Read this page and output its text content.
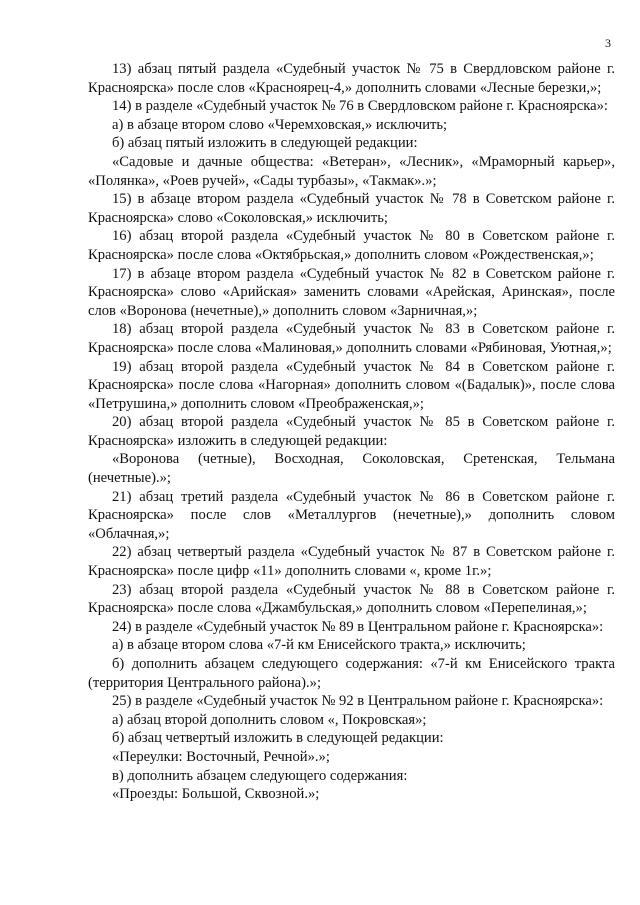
3

13) абзац пятый раздела «Судебный участок № 75 в Свердловском районе г. Красноярска» после слов «Красноярец-4,» дополнить словами «Лесные березки,»;

14) в разделе «Судебный участок № 76 в Свердловском районе г. Красноярска»:

а) в абзаце втором слово «Черемховская,» исключить;

б) абзац пятый изложить в следующей редакции:

«Садовые и дачные общества: «Ветеран», «Лесник», «Мраморный карьер», «Полянка», «Роев ручей», «Сады турбазы», «Такмак».»;

15) в абзаце втором раздела «Судебный участок № 78 в Советском районе г. Красноярска» слово «Соколовская,» исключить;

16) абзац второй раздела «Судебный участок № 80 в Советском районе г. Красноярска» после слова «Октябрьская,» дополнить словом «Рождественская,»;

17) в абзаце втором раздела «Судебный участок № 82 в Советском районе г. Красноярска» слово «Арийская» заменить словами «Арейская, Аринская», после слов «Воронова (нечетные),» дополнить словом «Зарничная,»;

18) абзац второй раздела «Судебный участок № 83 в Советском районе г. Красноярска» после слова «Малиновая,» дополнить словами «Рябиновая, Уютная,»;

19) абзац второй раздела «Судебный участок № 84 в Советском районе г. Красноярска» после слова «Нагорная» дополнить словом «(Бадалык)», после слова «Петрушина,» дополнить словом «Преображенская,»;

20) абзац второй раздела «Судебный участок № 85 в Советском районе г. Красноярска» изложить в следующей редакции:

«Воронова (четные), Восходная, Соколовская, Сретенская, Тельмана (нечетные).»;

21) абзац третий раздела «Судебный участок № 86 в Советском районе г. Красноярска» после слов «Металлургов (нечетные),» дополнить словом «Облачная,»;

22) абзац четвертый раздела «Судебный участок № 87 в Советском районе г. Красноярска» после цифр «11» дополнить словами «, кроме 1г.»;

23) абзац второй раздела «Судебный участок № 88 в Советском районе г. Красноярска» после слова «Джамбульская,» дополнить словом «Перепелиная,»;

24) в разделе «Судебный участок № 89 в Центральном районе г. Красноярска»:

а) в абзаце втором слова «7-й км Енисейского тракта,» исключить;

б) дополнить абзацем следующего содержания: «7-й км Енисейского тракта (территория Центрального района).»;

25) в разделе «Судебный участок № 92 в Центральном районе г. Красноярска»:

а) абзац второй дополнить словом «, Покровская»;

б) абзац четвертый изложить в следующей редакции:

«Переулки: Восточный, Речной».»;

в) дополнить абзацем следующего содержания:

«Проезды: Большой, Сквозной.»;
